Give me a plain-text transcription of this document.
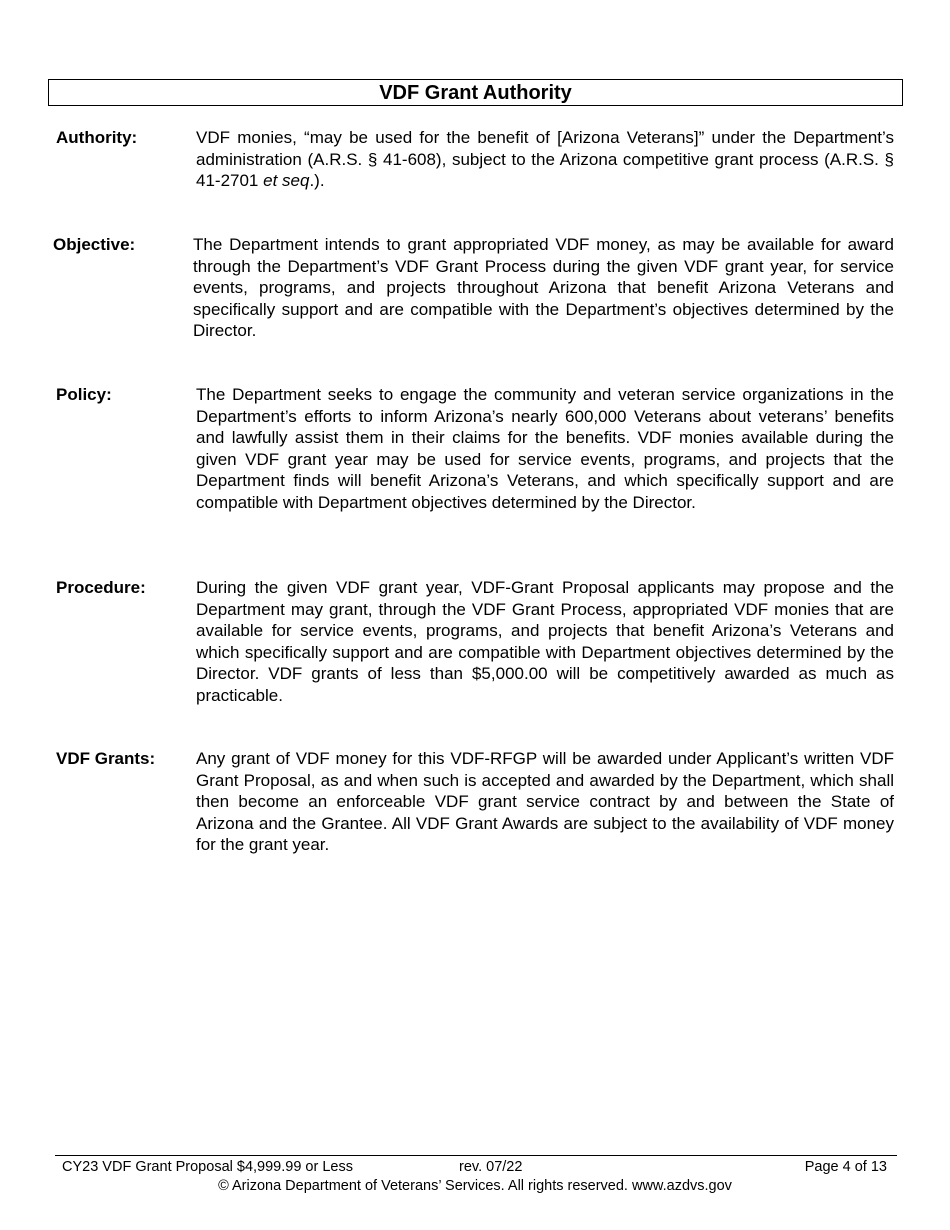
VDF Grant Authority
Authority:	VDF monies, “may be used for the benefit of [Arizona Veterans]” under the Department’s administration (A.R.S. § 41-608), subject to the Arizona competitive grant process (A.R.S. § 41-2701 et seq.).
Objective:	The Department intends to grant appropriated VDF money, as may be available for award through the Department’s VDF Grant Process during the given VDF grant year, for service events, programs, and projects throughout Arizona that benefit Arizona Veterans and specifically support and are compatible with the Department’s objectives determined by the Director.
Policy:	The Department seeks to engage the community and veteran service organizations in the Department’s efforts to inform Arizona’s nearly 600,000 Veterans about veterans’ benefits and lawfully assist them in their claims for the benefits. VDF monies available during the given VDF grant year may be used for service events, programs, and projects that the Department finds will benefit Arizona’s Veterans, and which specifically support and are compatible with Department objectives determined by the Director.
Procedure:	During the given VDF grant year, VDF-Grant Proposal applicants may propose and the Department may grant, through the VDF Grant Process, appropriated VDF monies that are available for service events, programs, and projects that benefit Arizona’s Veterans and which specifically support and are compatible with Department objectives determined by the Director. VDF grants of less than $5,000.00 will be competitively awarded as much as practicable.
VDF Grants: Any grant of VDF money for this VDF-RFGP will be awarded under Applicant’s written VDF Grant Proposal, as and when such is accepted and awarded by the Department, which shall then become an enforceable VDF grant service contract by and between the State of Arizona and the Grantee. All VDF Grant Awards are subject to the availability of VDF money for the grant year.
CY23 VDF Grant Proposal $4,999.99 or Less	rev. 07/22	Page 4 of 13
© Arizona Department of Veterans’ Services. All rights reserved. www.azdvs.gov
